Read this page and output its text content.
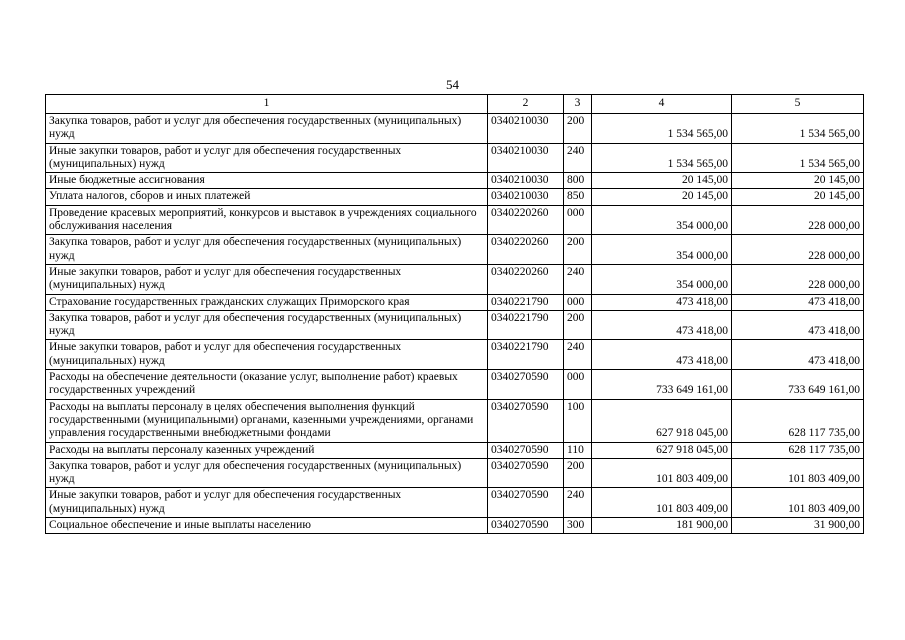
54
1	2	3	4	5
Закупка товаров, работ и услуг для обеспечения государственных (муниципальных) нужд	0340210030	200	1 534 565,00	1 534 565,00
Иные закупки товаров, работ и услуг для обеспечения государственных (муниципальных) нужд	0340210030	240	1 534 565,00	1 534 565,00
Иные бюджетные ассигнования	0340210030	800	20 145,00	20 145,00
Уплата налогов, сборов и иных платежей	0340210030	850	20 145,00	20 145,00
Проведение красевых мероприятий, конкурсов и выставок в учреждениях социального обслуживания населения	0340220260	000	354 000,00	228 000,00
Закупка товаров, работ и услуг для обеспечения государственных (муниципальных) нужд	0340220260	200	354 000,00	228 000,00
Иные закупки товаров, работ и услуг для обеспечения государственных (муниципальных) нужд	0340220260	240	354 000,00	228 000,00
Страхование государственных гражданских служащих Приморского края	0340221790	000	473 418,00	473 418,00
Закупка товаров, работ и услуг для обеспечения государственных (муниципальных) нужд	0340221790	200	473 418,00	473 418,00
Иные закупки товаров, работ и услуг для обеспечения государственных (муниципальных) нужд	0340221790	240	473 418,00	473 418,00
Расходы на обеспечение деятельности (оказание услуг, выполнение работ) краевых государственных учреждений	0340270590	000	733 649 161,00	733 649 161,00
Расходы на выплаты персоналу в целях обеспечения выполнения функций государственными (муниципальными) органами, казенными учреждениями, органами управления государственными внебюджетными фондами	0340270590	100	627 918 045,00	628 117 735,00
Расходы на выплаты персоналу казенных учреждений	0340270590	110	627 918 045,00	628 117 735,00
Закупка товаров, работ и услуг для обеспечения государственных (муниципальных) нужд	0340270590	200	101 803 409,00	101 803 409,00
Иные закупки товаров, работ и услуг для обеспечения государственных (муниципальных) нужд	0340270590	240	101 803 409,00	101 803 409,00
Социальное обеспечение и иные выплаты населению	0340270590	300	181 900,00	31 900,00
